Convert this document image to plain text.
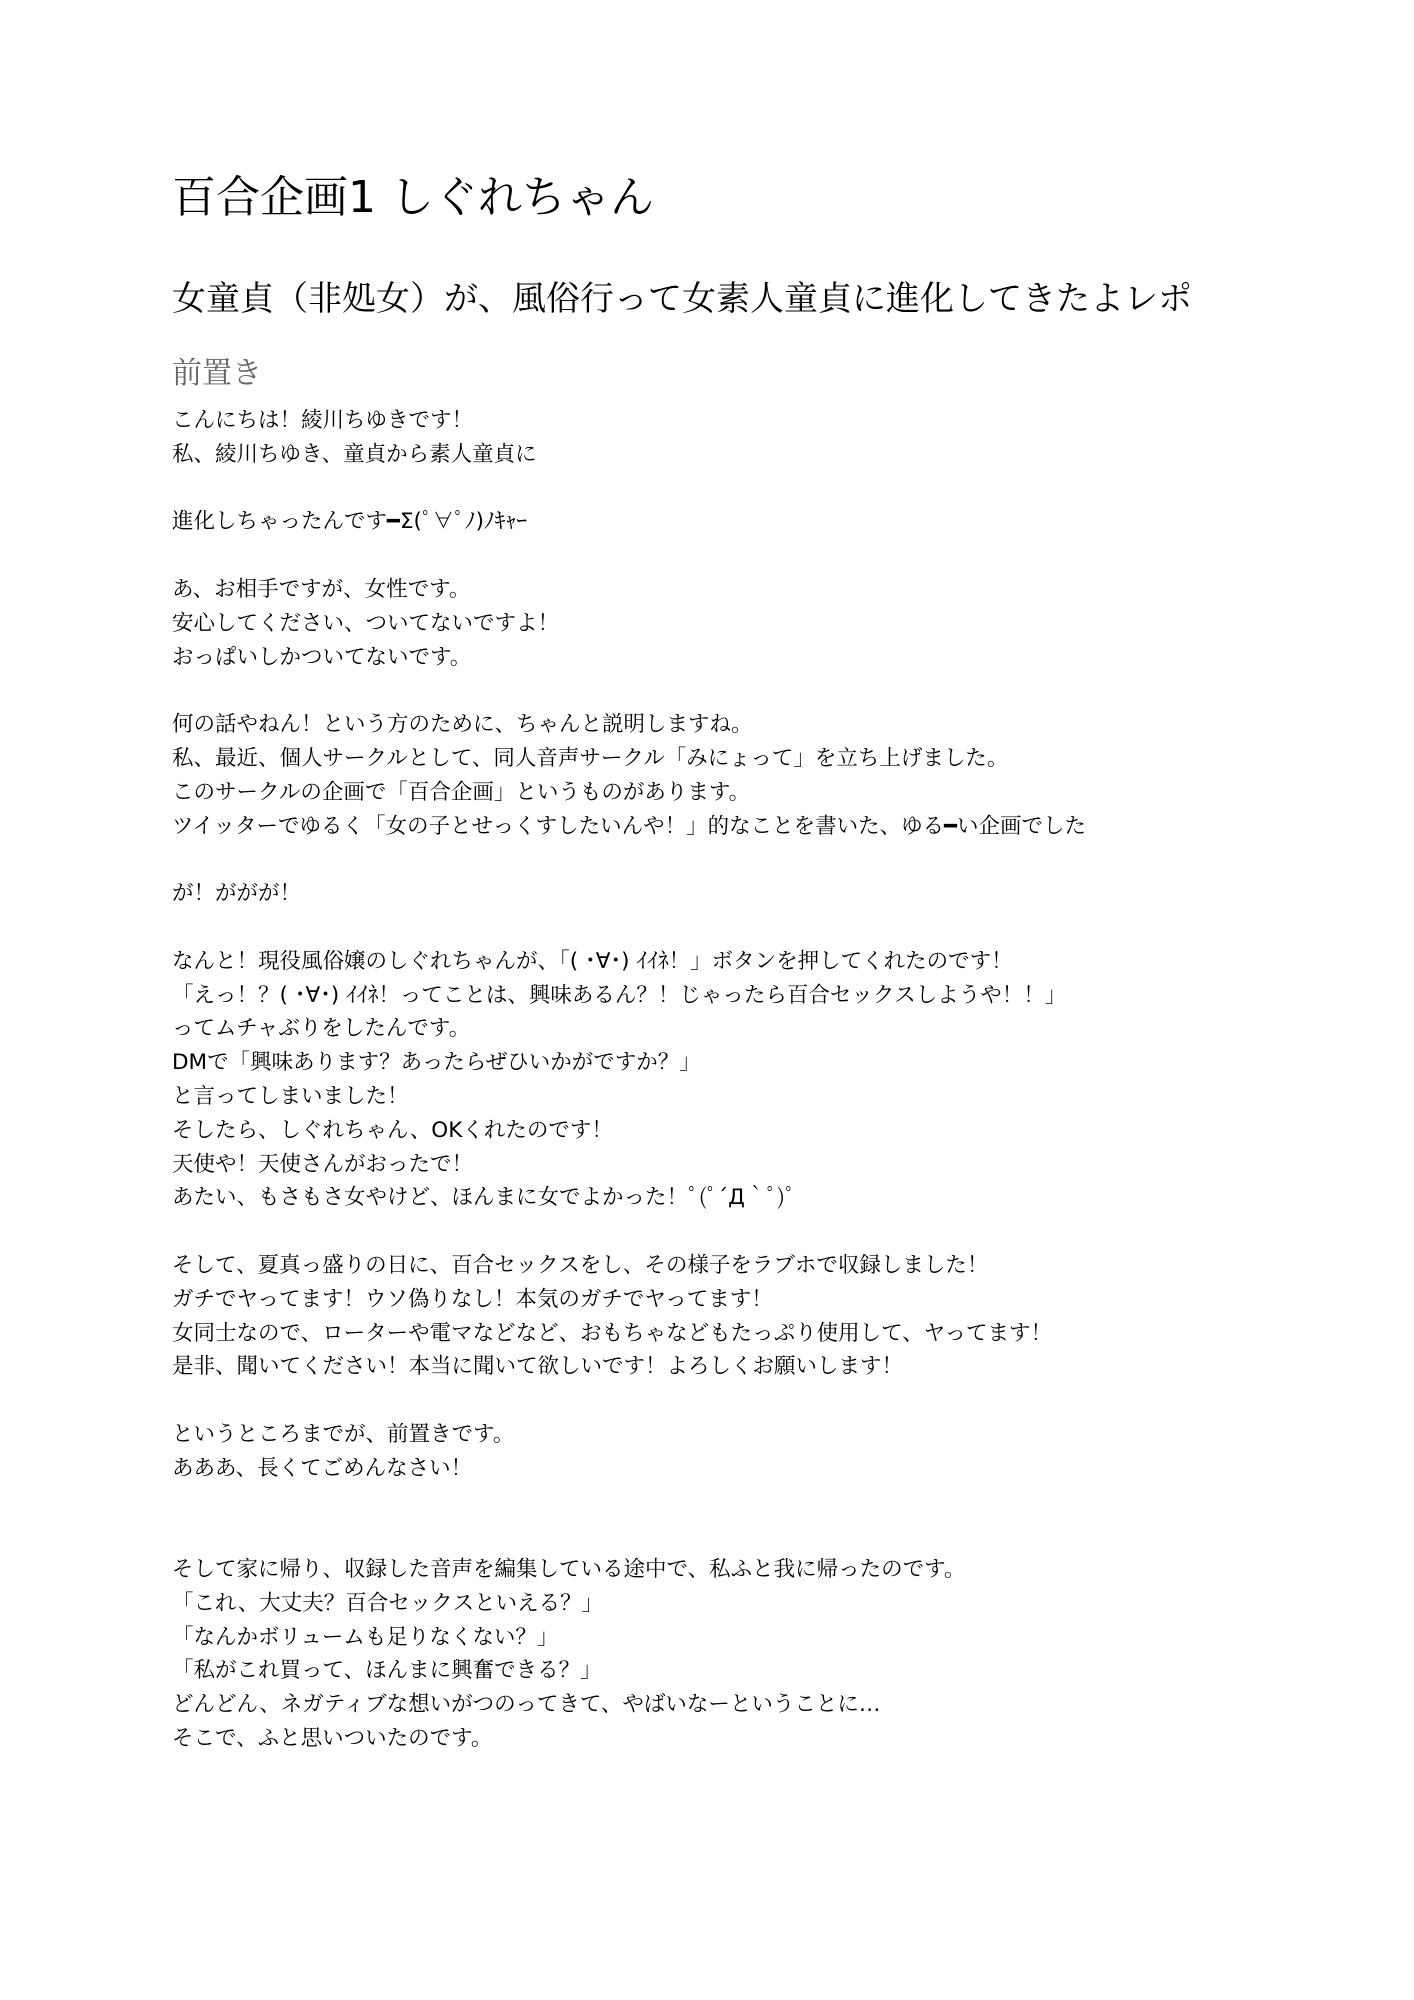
百合企画1 しぐれちゃん
女童貞（非処女）が、風俗行って女素人童貞に進化してきたよレポ
前置き
こんにちは！綾川ちゆきです！
私、綾川ちゆき、童貞から素人童貞に
進化しちゃったんです━Σ(ﾟ∀ﾟﾉ)ﾉｷｬｰ
あ、お相手ですが、女性です。
安心してください、ついてないですよ！
おっぱいしかついてないです。
何の話やねん！という方のために、ちゃんと説明しますね。
私、最近、個人サークルとして、同人音声サークル「みにょって」を立ち上げました。
このサークルの企画で「百合企画」というものがあります。
ツイッターでゆるく「女の子とせっくすしたいんや！」的なことを書いた、ゆる━い企画でした
が！ががが！
なんと！現役風俗嬢のしぐれちゃんが、「( ･∀･) ｲｲﾈ！」ボタンを押してくれたのです！
「えっ！？( ･∀･) ｲｲﾈ！ってことは、興味あるん？！じゃったら百合セックスしようや！！」
ってムチャぶりをしたんです。
DMで「興味あります？あったらぜひいかがですか？」
と言ってしまいました！
そしたら、しぐれちゃん、OKくれたのです！
天使や！天使さんがおったで！
あたい、もさもさ女やけど、ほんまに女でよかった！ﾟ(ﾟ´Д｀ﾟ)ﾟ
そして、夏真っ盛りの日に、百合セックスをし、その様子をラブホで収録しました！
ガチでヤってます！ウソ偽りなし！本気のガチでヤってます！
女同士なので、ローターや電マなどなど、おもちゃなどもたっぷり使用して、ヤってます！
是非、聞いてください！本当に聞いて欲しいです！よろしくお願いします！
というところまでが、前置きです。
あああ、長くてごめんなさい！
そして家に帰り、収録した音声を編集している途中で、私ふと我に帰ったのです。
「これ、大丈夫？百合セックスといえる？」
「なんかボリュームも足りなくない？」
「私がこれ買って、ほんまに興奮できる？」
どんどん、ネガティブな想いがつのってきて、やばいなーということに…
そこで、ふと思いついたのです。
